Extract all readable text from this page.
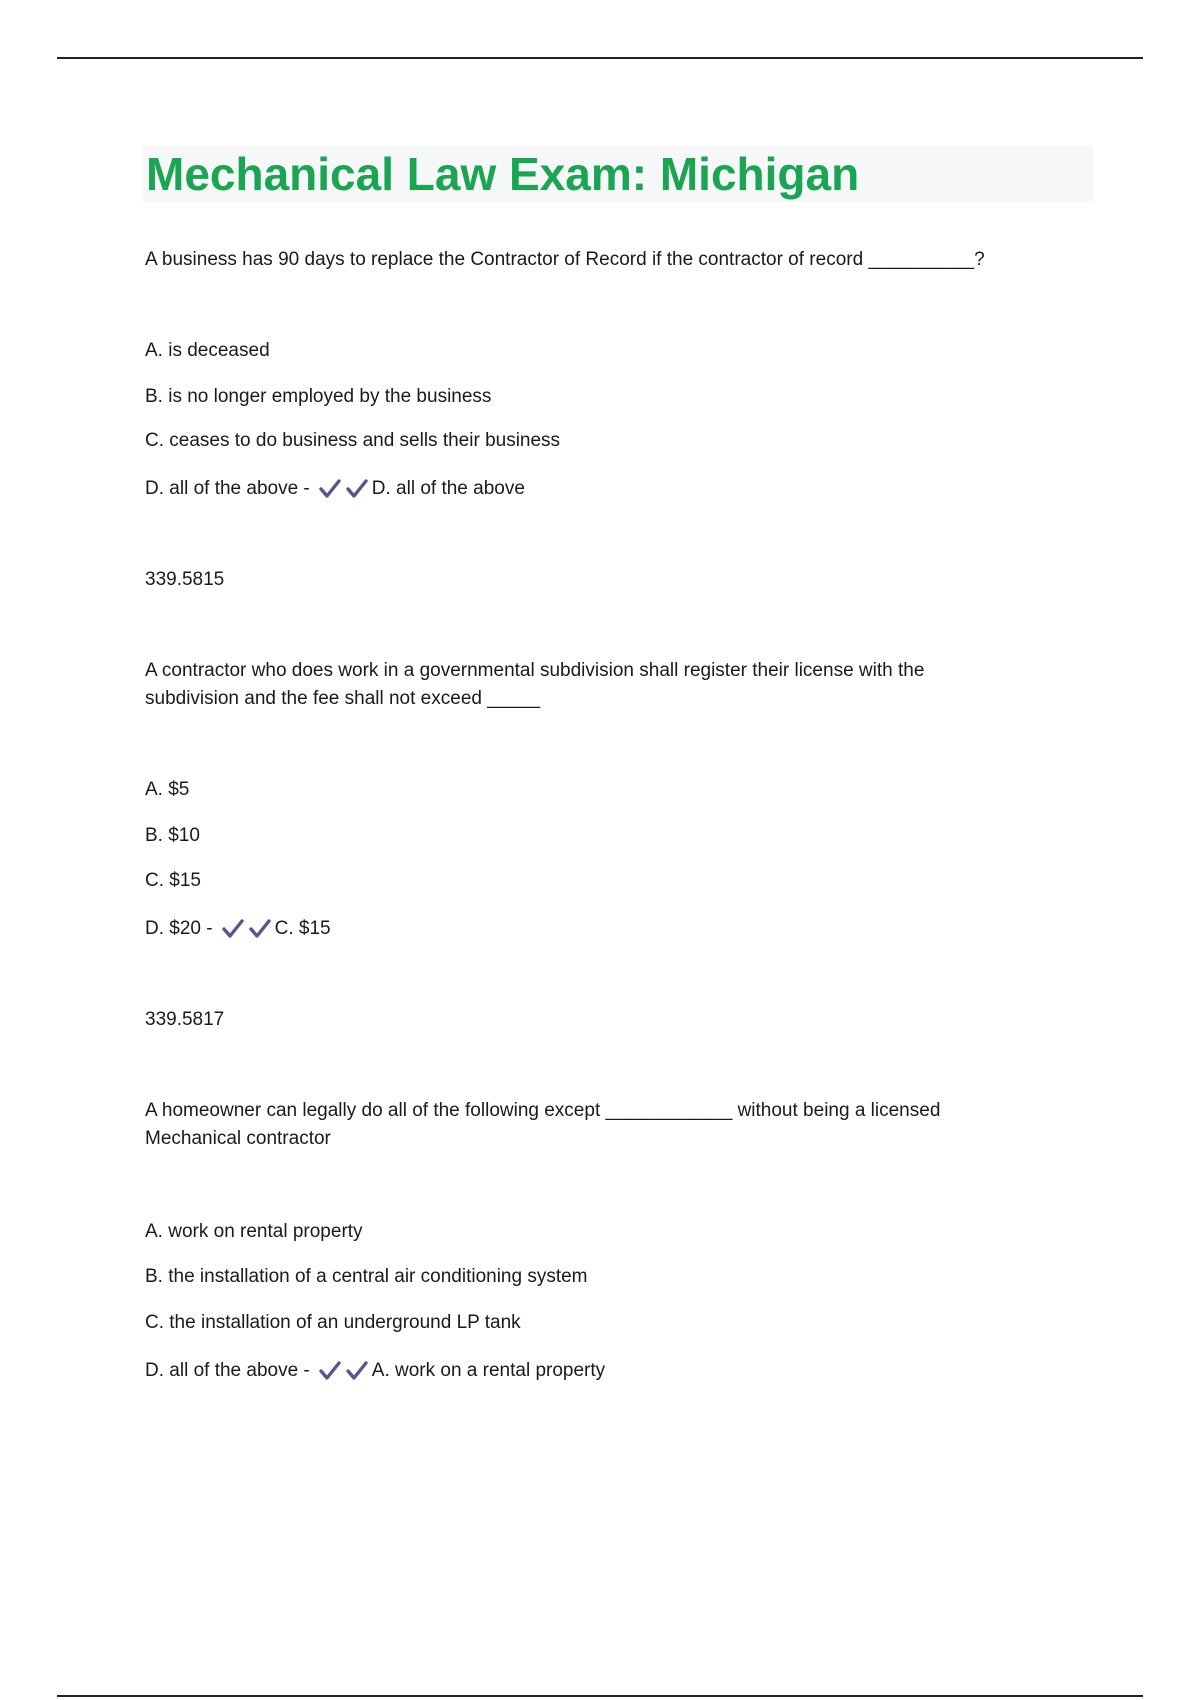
Mechanical Law Exam: Michigan

A business has 90 days to replace the Contractor of Record if the contractor of record __________?

A. is deceased

B. is no longer employed by the business

C. ceases to do business and sells their business

D. all of the above -	D. all of the above

339.5815

A contractor who does work in a governmental subdivision shall register their license with the subdivision and the fee shall not exceed _____

A. $5

B. $10

C. $15

D. $20 -	C. $15

339.5817

A homeowner can legally do all of the following except ____________ without being a licensed Mechanical contractor

A. work on rental property

B. the installation of a central air conditioning system

C. the installation of an underground LP tank

D. all of the above -	A. work on a rental property
